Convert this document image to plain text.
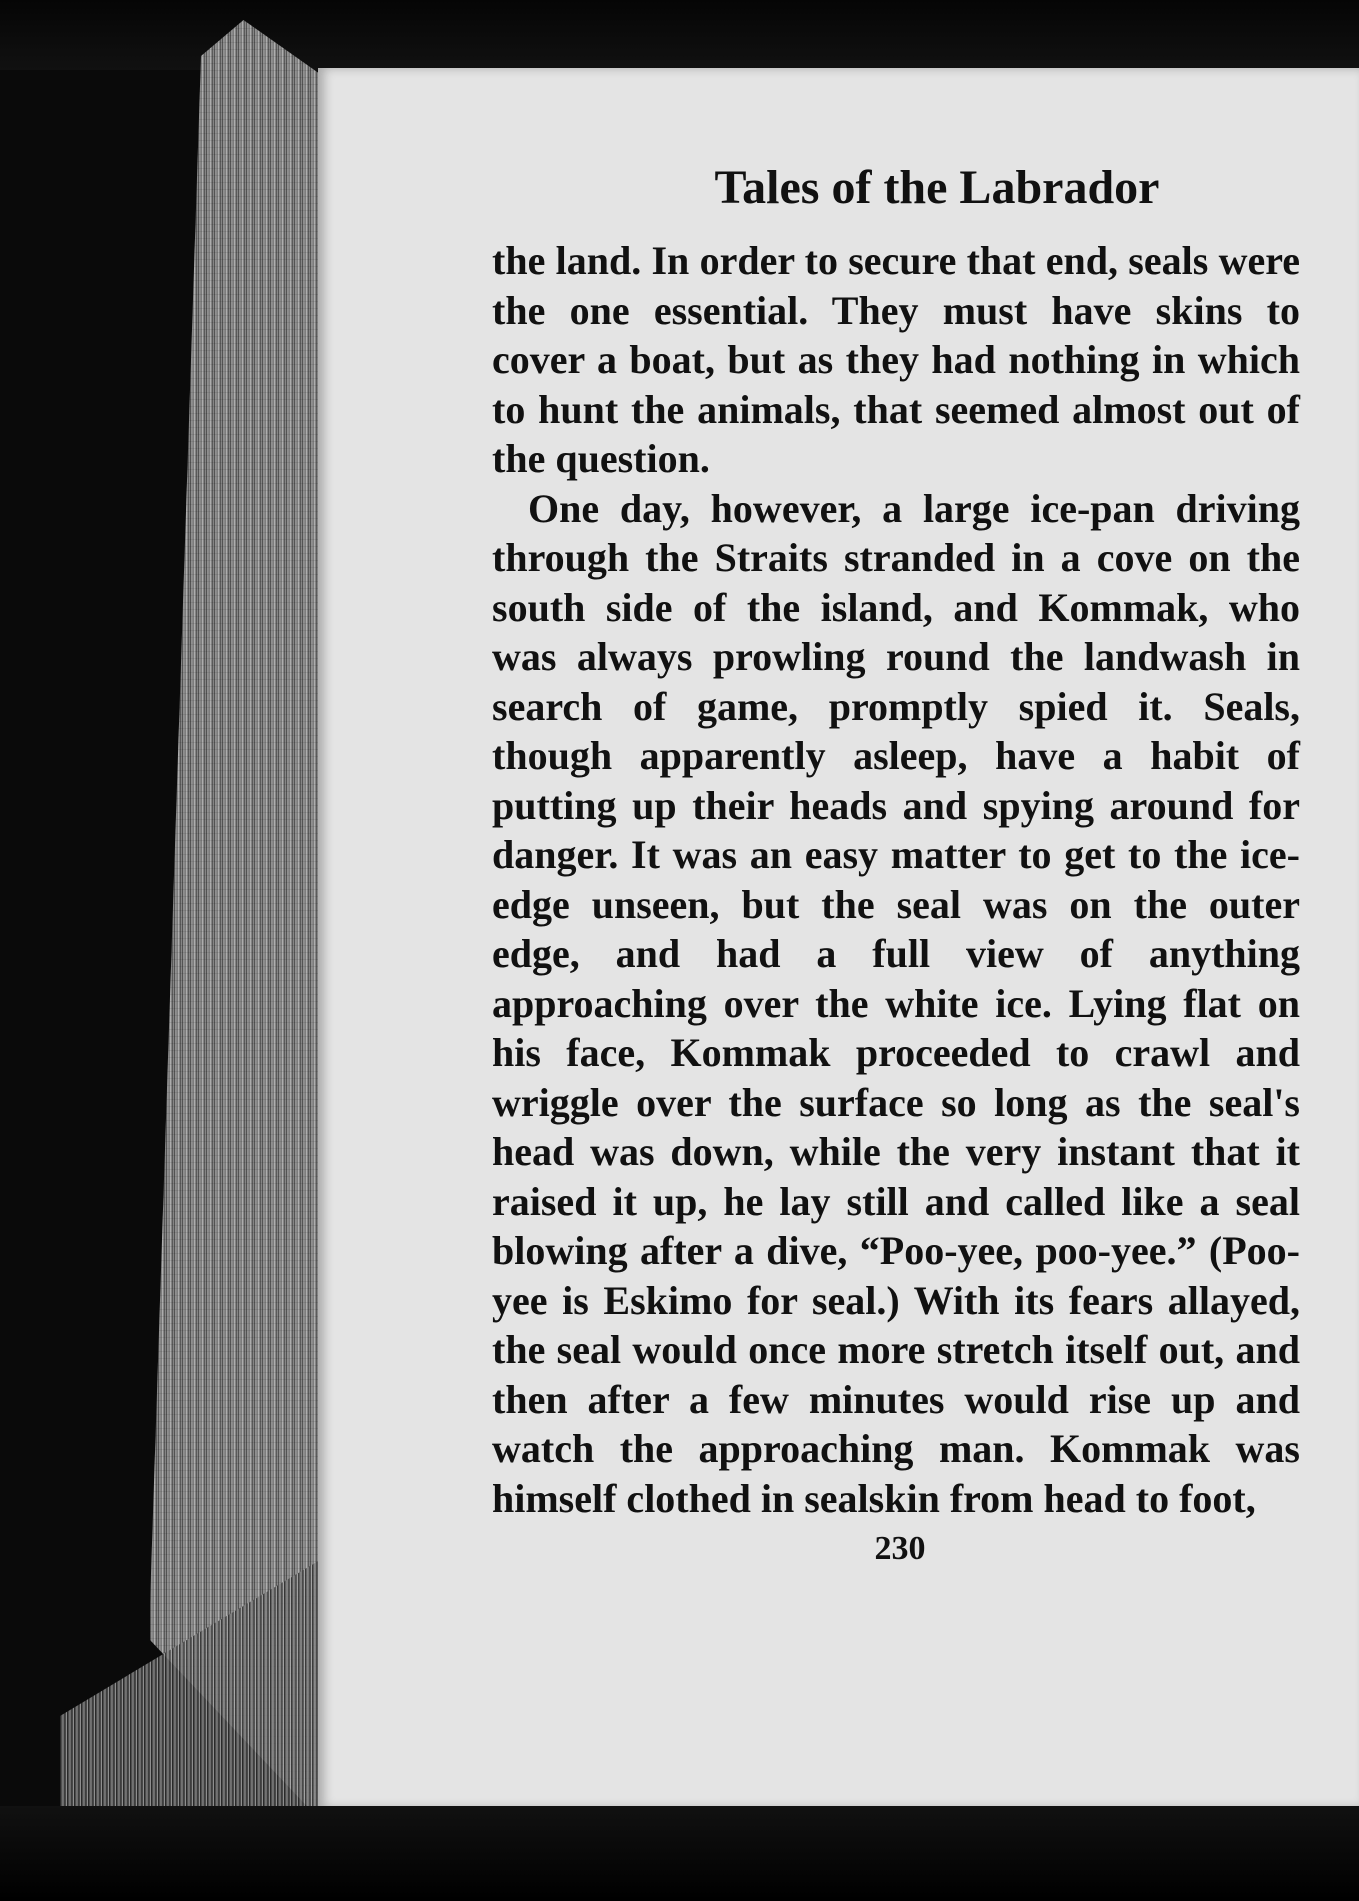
Tales of the Labrador

the land. In order to secure that end, seals were the one essential. They must have skins to cover a boat, but as they had nothing in which to hunt the animals, that seemed almost out of the question.

One day, however, a large ice-pan driving through the Straits stranded in a cove on the south side of the island, and Kommak, who was always prowling round the landwash in search of game, promptly spied it. Seals, though apparently asleep, have a habit of putting up their heads and spying around for danger. It was an easy matter to get to the ice-edge unseen, but the seal was on the outer edge, and had a full view of anything approaching over the white ice. Lying flat on his face, Kommak proceeded to crawl and wriggle over the surface so long as the seal's head was down, while the very instant that it raised it up, he lay still and called like a seal blowing after a dive, “Poo-yee, poo-yee.” (Poo-yee is Eskimo for seal.) With its fears allayed, the seal would once more stretch itself out, and then after a few minutes would rise up and watch the approaching man. Kommak was himself clothed in sealskin from head to foot,

230
